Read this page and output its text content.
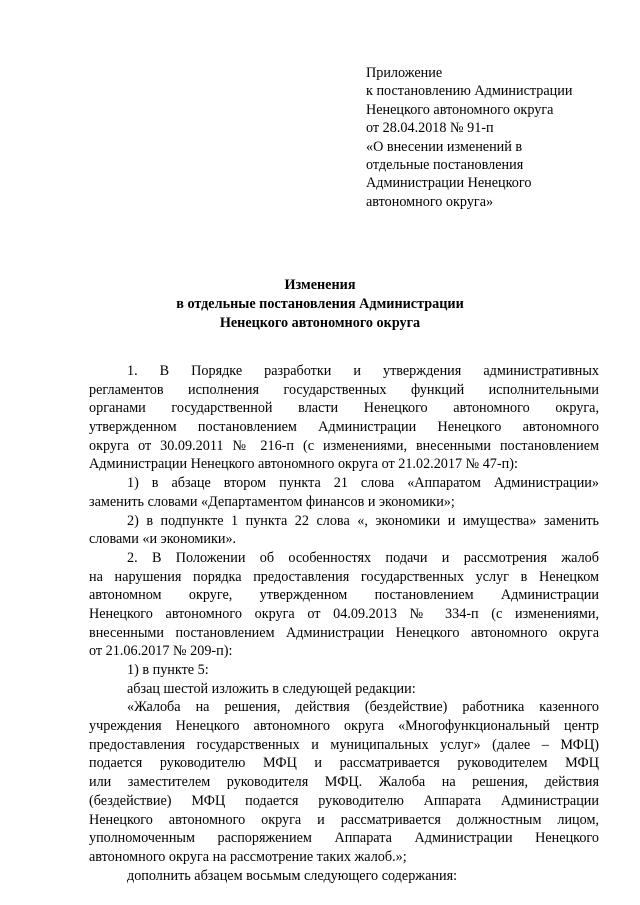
Приложение
к постановлению Администрации
Ненецкого автономного округа
от 28.04.2018 № 91-п
«О внесении изменений в
отдельные постановления
Администрации Ненецкого
автономного округа»
Изменения
в отдельные постановления Администрации
Ненецкого автономного округа
1. В Порядке разработки и утверждения административных
регламентов исполнения государственных функций исполнительными
органами государственной власти Ненецкого автономного округа,
утвержденном постановлением Администрации Ненецкого автономного
округа от 30.09.2011 № 216-п (с изменениями, внесенными постановлением
Администрации Ненецкого автономного округа от 21.02.2017 № 47-п):
1) в абзаце втором пункта 21 слова «Аппаратом Администрации»
заменить словами «Департаментом финансов и экономики»;
2) в подпункте 1 пункта 22 слова «, экономики и имущества» заменить
словами «и экономики».
2. В Положении об особенностях подачи и рассмотрения жалоб
на нарушения порядка предоставления государственных услуг в Ненецком
автономном округе, утвержденном постановлением Администрации
Ненецкого автономного округа от 04.09.2013 № 334-п (с изменениями,
внесенными постановлением Администрации Ненецкого автономного округа
от 21.06.2017 № 209-п):
1) в пункте 5:
абзац шестой изложить в следующей редакции:
«Жалоба на решения, действия (бездействие) работника казенного
учреждения Ненецкого автономного округа «Многофункциональный центр
предоставления государственных и муниципальных услуг» (далее – МФЦ)
подается руководителю МФЦ и рассматривается руководителем МФЦ
или заместителем руководителя МФЦ. Жалоба на решения, действия
(бездействие) МФЦ подается руководителю Аппарата Администрации
Ненецкого автономного округа и рассматривается должностным лицом,
уполномоченным распоряжением Аппарата Администрации Ненецкого
автономного округа на рассмотрение таких жалоб.»;
дополнить абзацем восьмым следующего содержания:
